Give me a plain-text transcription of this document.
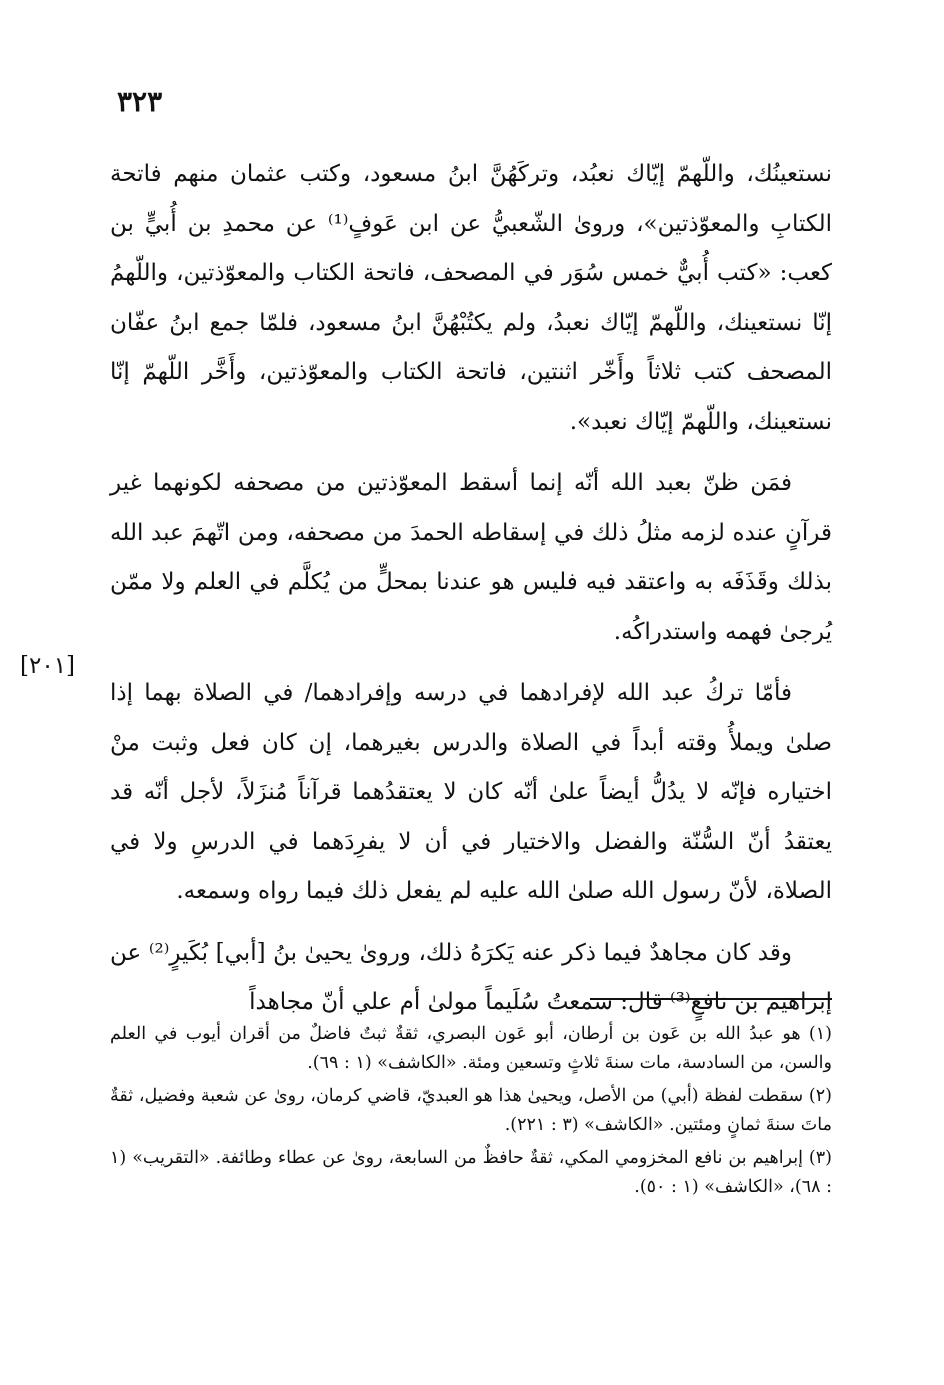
٣٢٣
[٢٠١]

نستعينُك، واللّهمّ إيّاك نعبُد، وتركَهُنَّ ابنُ مسعود، وكتب عثمان منهم فاتحة الكتابِ والمعوّذتين»، وروىٰ الشّعبيُّ عن ابن عَوفٍ⁽¹⁾ عن محمدِ بن أُبيٍّ بن كعب: «كتب أُبيٌّ خمس سُوَر في المصحف، فاتحة الكتاب والمعوّذتين، واللّهمُ إنّا نستعينك، واللّهمّ إيّاك نعبدُ، ولم يكتُبْهُنَّ ابنُ مسعود، فلمّا جمع ابنُ عفّان المصحف كتب ثلاثاً وأَخّر اثنتين، فاتحة الكتاب والمعوّذتين، وأَخَّر اللّهمّ إنّا نستعينك، واللّهمّ إيّاك نعبد».

فمَن ظنّ بعبد الله أنّه إنما أسقط المعوّذتين من مصحفه لكونهما غير قرآنٍ عنده لزمه مثلُ ذلك في إسقاطه الحمدَ من مصحفه، ومن اتّهمَ عبد الله بذلك وقَذَفَه به واعتقد فيه فليس هو عندنا بمحلٍّ من يُكلَّم في العلم ولا ممّن يُرجىٰ فهمه واستدراكُه.

فأمّا تركُ عبد الله لإفرادهما في درسه وإفرادهما/ في الصلاة بهما إذا صلىٰ ويملأُ وقته أبداً في الصلاة والدرس بغيرهما، إن كان فعل وثبت منْ اختياره فإنّه لا يدُلُّ أيضاً علىٰ أنّه كان لا يعتقدُهما قرآناً مُنزَلاً، لأجل أنّه قد يعتقدُ أنّ السُّنّة والفضل والاختيار في أن لا يفرِدَهما في الدرسِ ولا في الصلاة، لأنّ رسول الله صلىٰ الله عليه لم يفعل ذلك فيما رواه وسمعه.

وقد كان مجاهدٌ فيما ذكر عنه يَكرَهُ ذلك، وروىٰ يحيىٰ بنُ [أبي] بُكَيرٍ⁽²⁾ عن إبراهيم بن نافعٍ⁽³⁾ قال: سمعتُ سُلَيماً مولىٰ أم علي أنّ مجاهداً

(١) هو عبدُ الله بن عَون بن أرطان، أبو عَون البصري، ثقةٌ ثبتٌ فاضلٌ من أقران أيوب في العلم والسن، من السادسة، مات سنةَ ثلاثٍ وتسعين ومئة. «الكاشف» (١ : ٦٩).

(٢) سقطت لفظة (أبي) من الأصل، ويحيىٰ هذا هو العبديّ، قاضي كرمان، روىٰ عن شعبة وفضيل، ثقةٌ ماتَ سنةَ ثمانٍ ومئتين. «الكاشف» (٣ : ٢٢١).

(٣) إبراهيم بن نافع المخزومي المكي، ثقةٌ حافظٌ من السابعة، روىٰ عن عطاء وطائفة. «التقريب» (١ : ٦٨)، «الكاشف» (١ : ٥٠).
